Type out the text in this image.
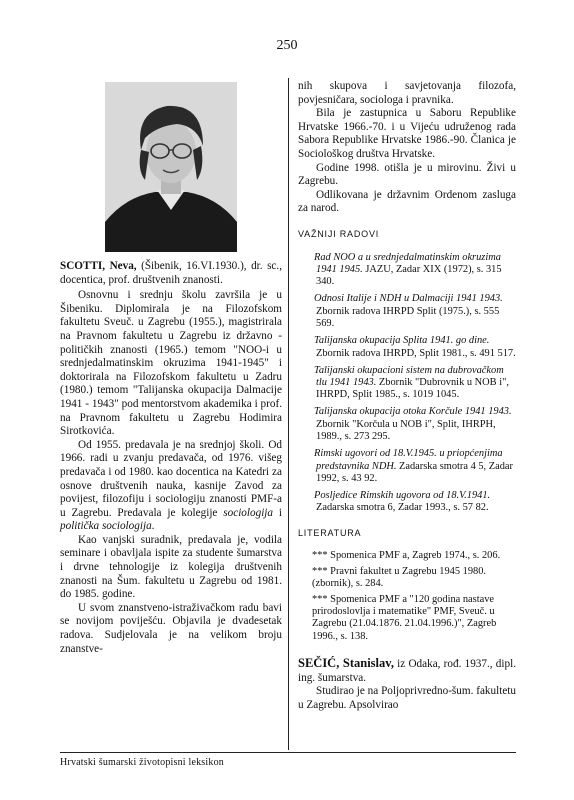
250

SCOTTI, Neva, (Šibenik, 16.VI.1930.), dr. sc., docentica, prof. društvenih znanosti.

Osnovnu i srednju školu završila je u Šibeniku. Diplomirala je na Filozofskom fakultetu Sveuč. u Zagrebu (1955.), magistrirala na Pravnom fakultetu u Zagrebu iz državno - političkih znanosti (1965.) temom "NOO-i u srednjedalmatinskim okruzima 1941-1945" i doktorirala na Filozofskom fakultetu u Zadru (1980.) temom "Talijanska okupacija Dalmacije 1941 - 1943" pod mentorstvom akademika i prof. na Pravnom fakultetu u Zagrebu Hodimira Sirotkovića.

Od 1955. predavala je na srednjoj školi. Od 1966. radi u zvanju predavača, od 1976. višeg predavača i od 1980. kao docentica na Katedri za osnove društvenih nauka, kasnije Zavod za povijest, filozofiju i sociologiju znanosti PMF-a u Zagrebu. Predavala je kolegije sociologija i politička sociologija.

Kao vanjski suradnik, predavala je, vodila seminare i obavljala ispite za studente šumarstva i drvne tehnologije iz kolegija društvenih znanosti na Šum. fakultetu u Zagrebu od 1981. do 1985. godine.

U svom znanstveno-istraživačkom radu bavi se novijom poviješću. Objavila je dvadesetak radova. Sudjelovala je na velikom broju znanstve-

nih skupova i savjetovanja filozofa, povjesničara, sociologa i pravnika.

Bila je zastupnica u Saboru Republike Hrvatske 1966.-70. i u Vijeću udruženog rada Sabora Republike Hrvatske 1986.-90. Članica je Sociološkog društva Hrvatske.

Godine 1998. otišla je u mirovinu. Živi u Zagrebu.

Odlikovana je državnim Ordenom zasluga za narod.

VAŽNIJI RADOVI
Rad NOO a u srednjedalmatinskim okruzima 1941 1945. JAZU, Zadar XIX (1972), s. 315 340.
Odnosi Italije i NDH u Dalmaciji 1941 1943. Zbornik radova IHRPD Split (1975.), s. 555 569.
Talijanska okupacija Splita 1941. go dine. Zbornik radova IHRPD, Split 1981., s. 491 517.
Talijanski okupacioni sistem na dubrovačkom tlu 1941 1943. Zbornik "Dubrovnik u NOB i", IHRPD, Split 1985., s. 1019 1045.
Talijanska okupacija otoka Korčule 1941 1943. Zbornik "Korčula u NOB i", Split, IHRPH, 1989., s. 273 295.
Rimski ugovori od 18.V.1945. u priopćenjima predstavnika NDH. Zadarska smotra 4 5, Zadar 1992, s. 43 92.
Posljedice Rimskih ugovora od 18.V.1941. Zadarska smotra 6, Zadar 1993., s. 57 82.
LITERATURA
*** Spomenica PMF a, Zagreb 1974., s. 206.
*** Pravni fakultet u Zagrebu 1945 1980. (zbornik), s. 284.
*** Spomenica PMF a "120 godina nastave prirodoslovlja i matematike" PMF, Sveuč. u Zagrebu (21.04.1876. 21.04.1996.)", Zagreb 1996., s. 138.

SEČIĆ, Stanislav, iz Odaka, rođ. 1937., dipl. ing. šumarstva.

Studirao je na Poljoprivredno-šum. fakultetu u Zagrebu. Apsolvirao

Hrvatski šumarski životopisni leksikon
